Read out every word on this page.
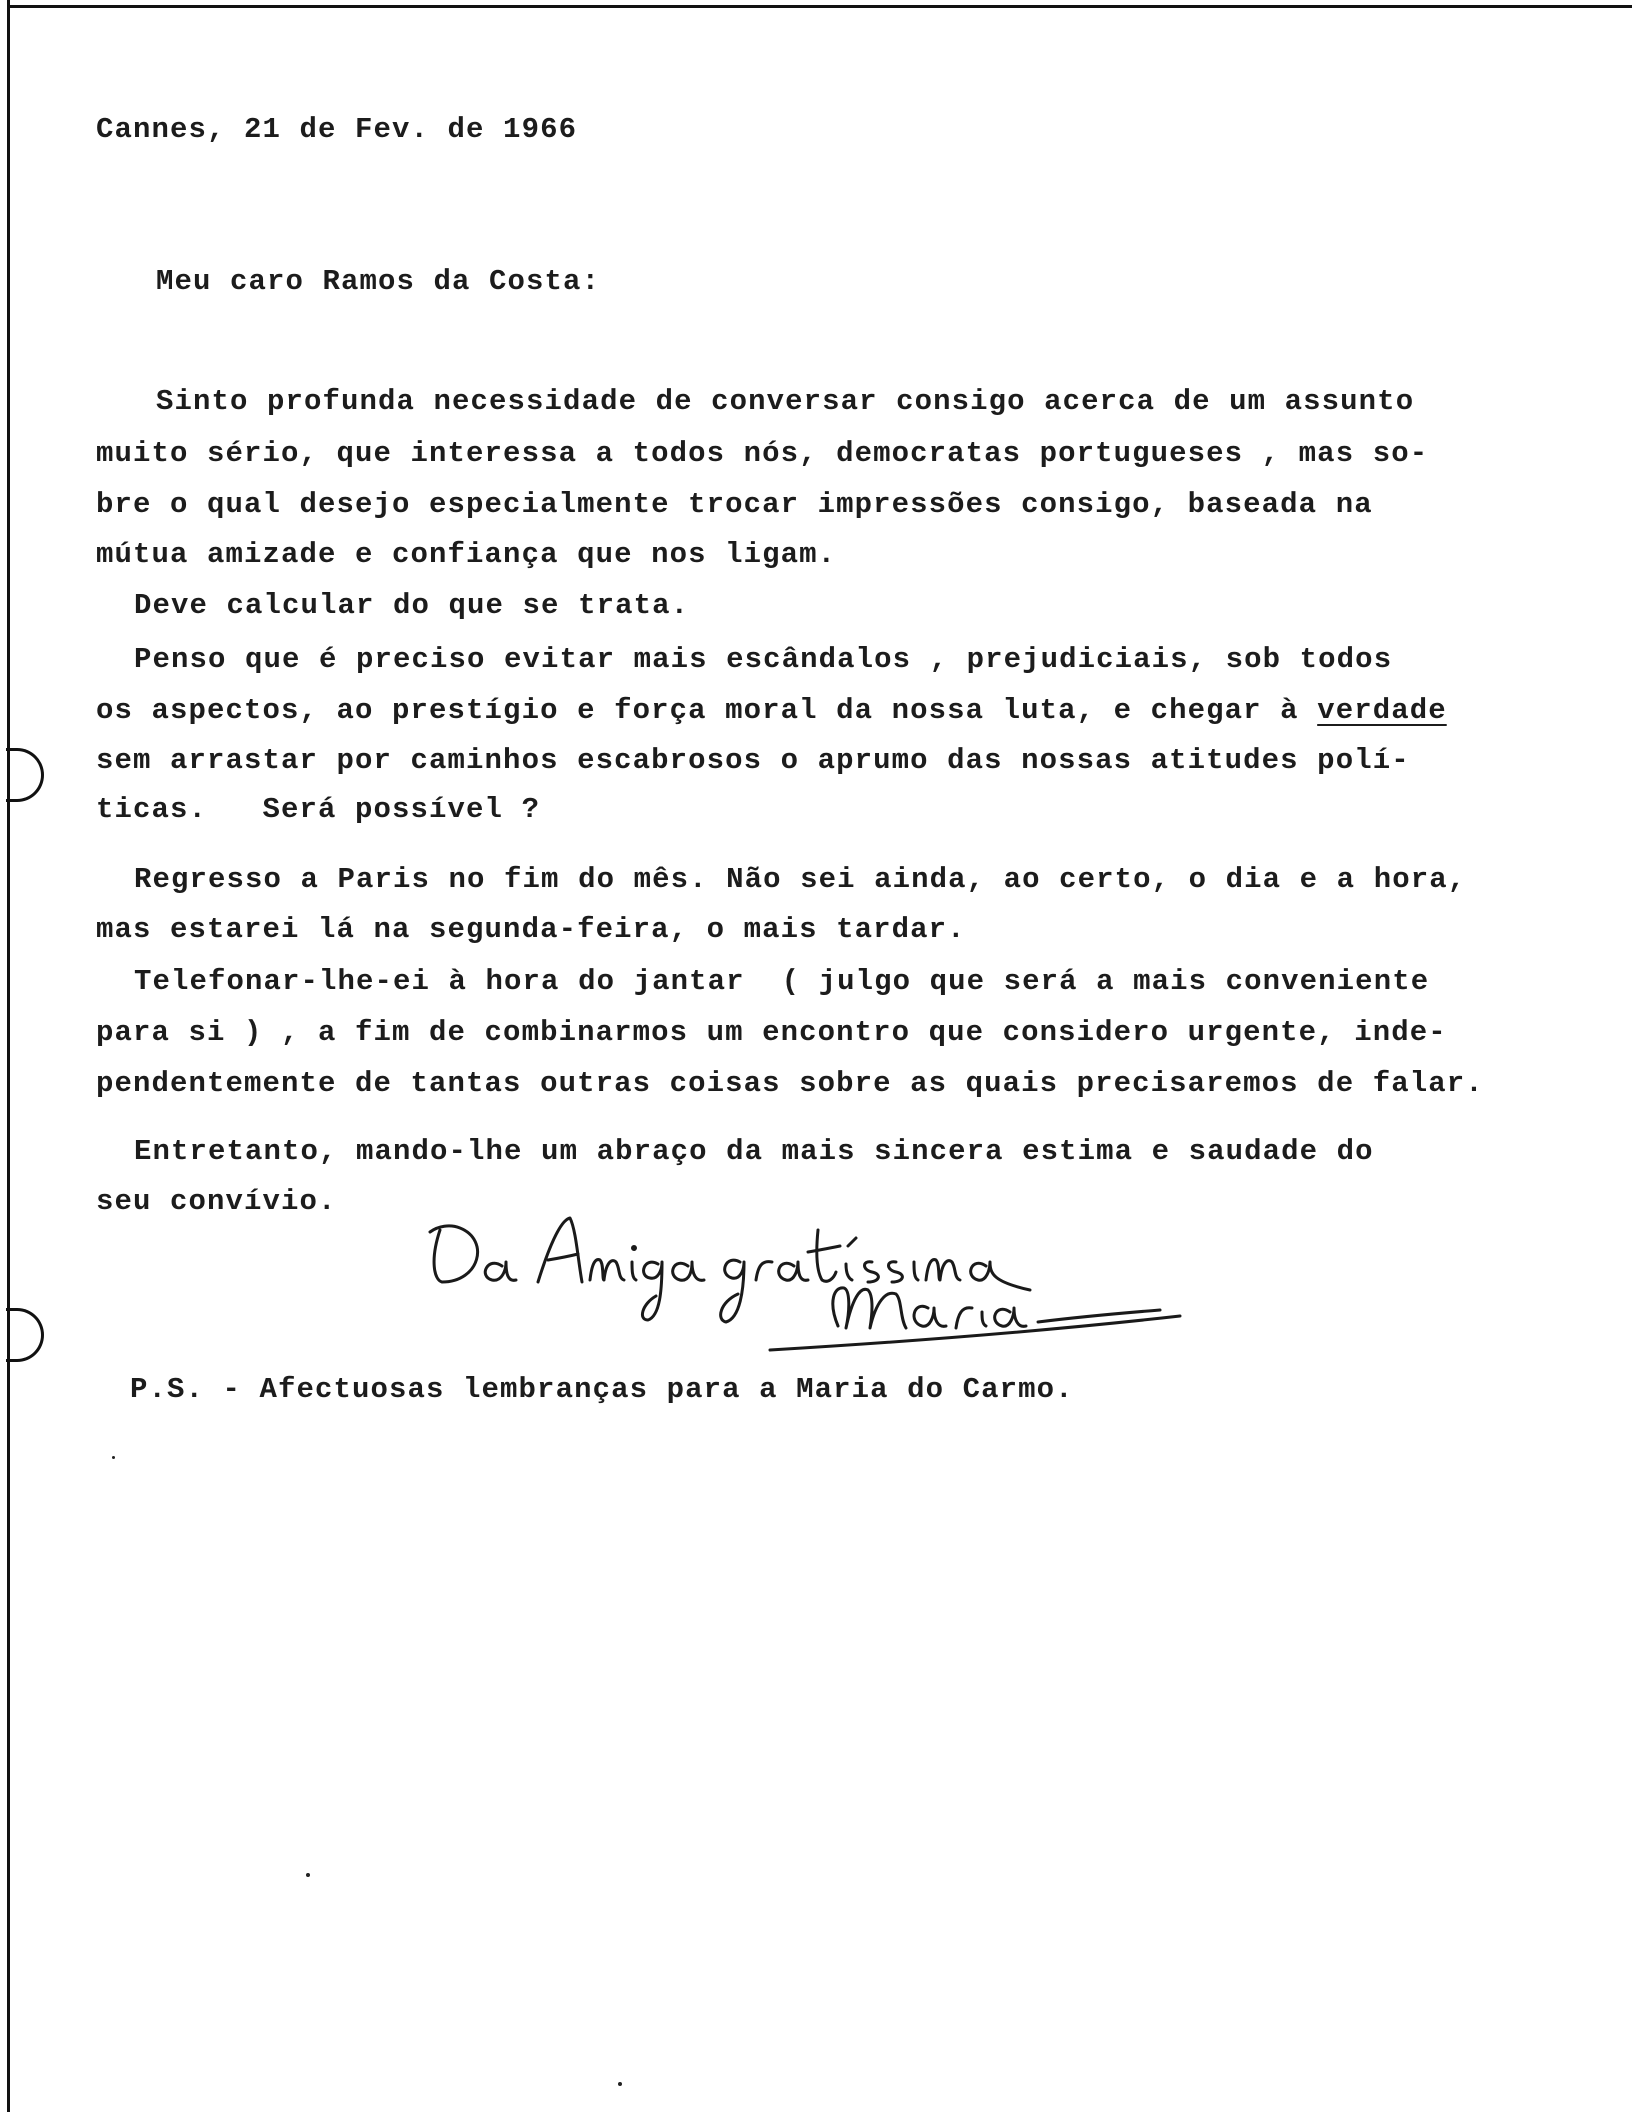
Cannes, 21 de Fev. de 1966
Meu caro Ramos da Costa:
Sinto profunda necessidade de conversar consigo acerca de um assunto
muito sério, que interessa a todos nós, democratas portugueses , mas so-
bre o qual desejo especialmente trocar impressões consigo, baseada na
mútua amizade e confiança que nos ligam.
Deve calcular do que se trata.
Penso que é preciso evitar mais escândalos , prejudiciais, sob todos
os aspectos, ao prestígio e força moral da nossa luta, e chegar à verdade
sem arrastar por caminhos escabrosos o aprumo das nossas atitudes polí-
ticas.   Será possível ?
Regresso a Paris no fim do mês. Não sei ainda, ao certo, o dia e a hora,
mas estarei lá na segunda-feira, o mais tardar.
Telefonar-lhe-ei à hora do jantar  ( julgo que será a mais conveniente
para si ) , a fim de combinarmos um encontro que considero urgente, inde-
pendentemente de tantas outras coisas sobre as quais precisaremos de falar.
Entretanto, mando-lhe um abraço da mais sincera estima e saudade do
seu convívio.
P.S. - Afectuosas lembranças para a Maria do Carmo.
